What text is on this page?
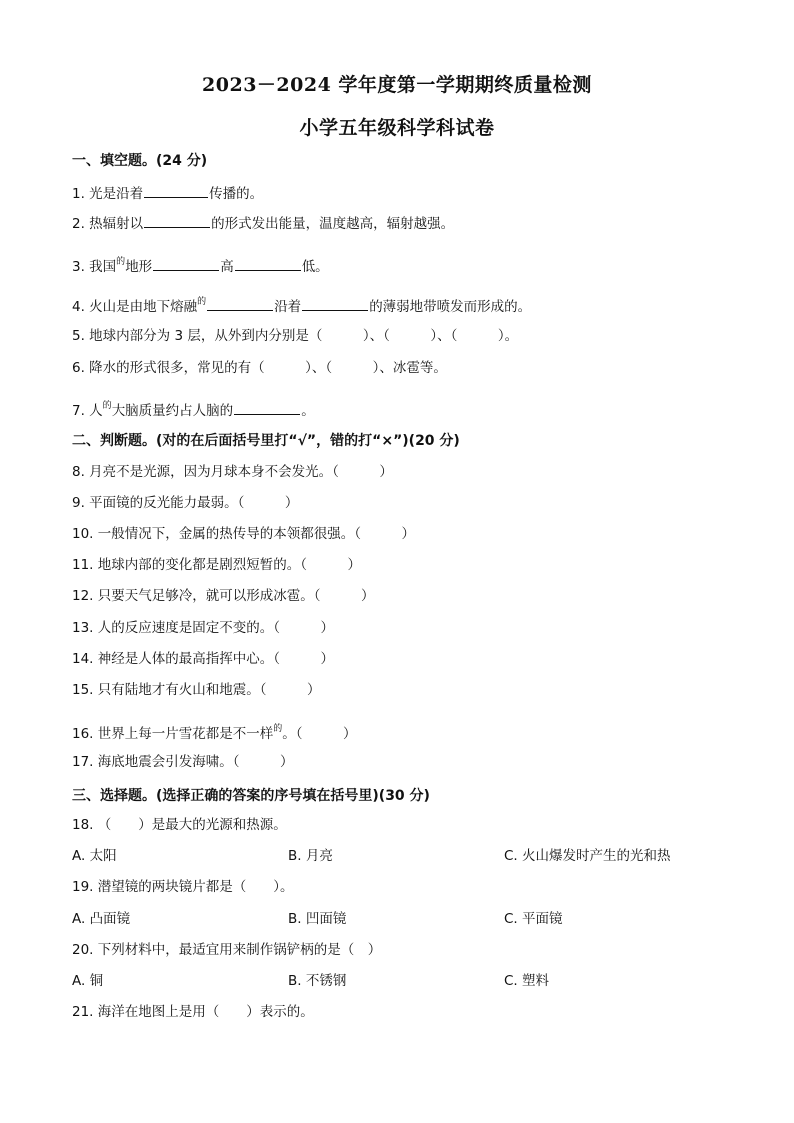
2023－2024 学年度第一学期期终质量检测
小学五年级科学科试卷

一、填空题。(24 分)

1. 光是沿着	传播的。

2. 热辐射以	的形式发出能量，温度越高，辐射越强。

3. 我国$^的$地形	高	低。

4. 火山是由地下熔融$^的$	沿着	的薄弱地带喷发而形成的。

5. 地球内部分为 3 层，从外到内分别是（　　　）、（　　　）、（　　　）。

6. 降水的形式很多，常见的有（　　　）、（　　　）、冰雹等。

7. 人$^的$大脑质量约占人脑的	。

二、判断题。(对的在后面括号里打“√”，错的打“×”)(20 分)

8. 月亮不是光源，因为月球本身不会发光。（　　　）

9. 平面镜的反光能力最弱。（　　　）

10. 一般情况下，金属的热传导的本领都很强。（　　　）

11. 地球内部的变化都是剧烈短暂的。（　　　）

12. 只要天气足够冷，就可以形成冰雹。（　　　）

13. 人的反应速度是固定不变的。（　　　）

14. 神经是人体的最高指挥中心。（　　　）

15. 只有陆地才有火山和地震。（　　　）

16. 世界上每一片雪花都是不一样$^的$。（　　　）

17. 海底地震会引发海啸。（　　　）

三、选择题。(选择正确的答案的序号填在括号里)(30 分)

18. （　　）是最大的光源和热源。

A. 太阳	B. 月亮	C. 火山爆发时产生的光和热

19. 潜望镜的两块镜片都是（　　）。

A. 凸面镜	B. 凹面镜	C. 平面镜

20. 下列材料中，最适宜用来制作锅铲柄的是（　）

A. 铜	B. 不锈钢	C. 塑料

21. 海洋在地图上是用（　　）表示的。
